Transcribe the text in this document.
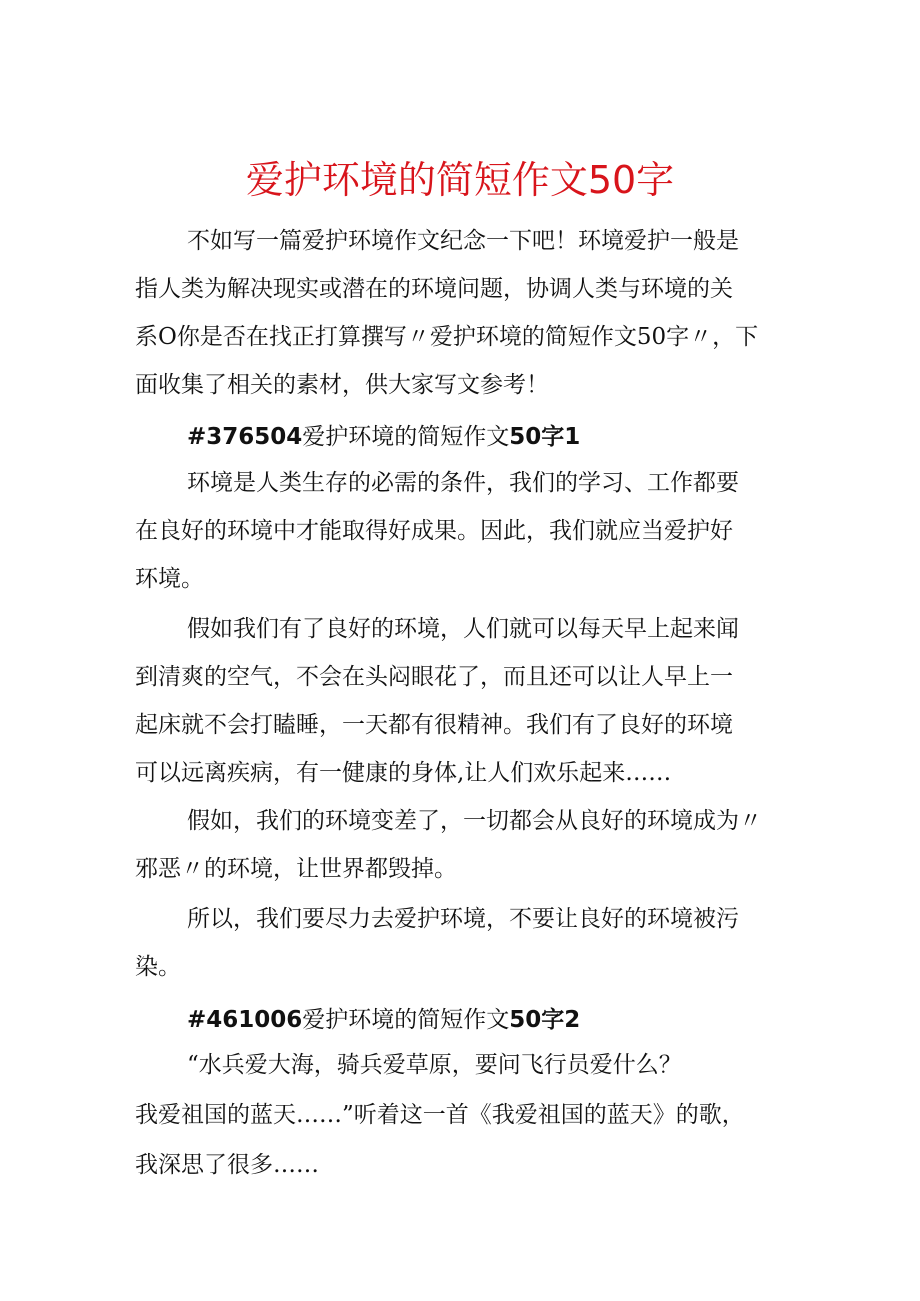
爱护环境的简短作文50字
不如写一篇爱护环境作文纪念一下吧！环境爱护一般是
指人类为解决现实或潜在的环境问题，协调人类与环境的关
系O你是否在找正打算撰写〃爱护环境的简短作文50字〃，下
面收集了相关的素材，供大家写文参考！
#376504爱护环境的简短作文50字1
环境是人类生存的必需的条件，我们的学习、工作都要
在良好的环境中才能取得好成果。因此，我们就应当爱护好
环境。
假如我们有了良好的环境，人们就可以每天早上起来闻
到清爽的空气，不会在头闷眼花了，而且还可以让人早上一
起床就不会打瞌睡，一天都有很精神。我们有了良好的环境
可以远离疾病，有一健康的身体,让人们欢乐起来……
假如，我们的环境变差了，一切都会从良好的环境成为〃
邪恶〃的环境，让世界都毁掉。
所以，我们要尽力去爱护环境，不要让良好的环境被污
染。
#461006爱护环境的简短作文50字2
“水兵爱大海，骑兵爱草原，要问飞行员爱什么？
我爱祖国的蓝天……”听着这一首《我爱祖国的蓝天》的歌，
我深思了很多……
